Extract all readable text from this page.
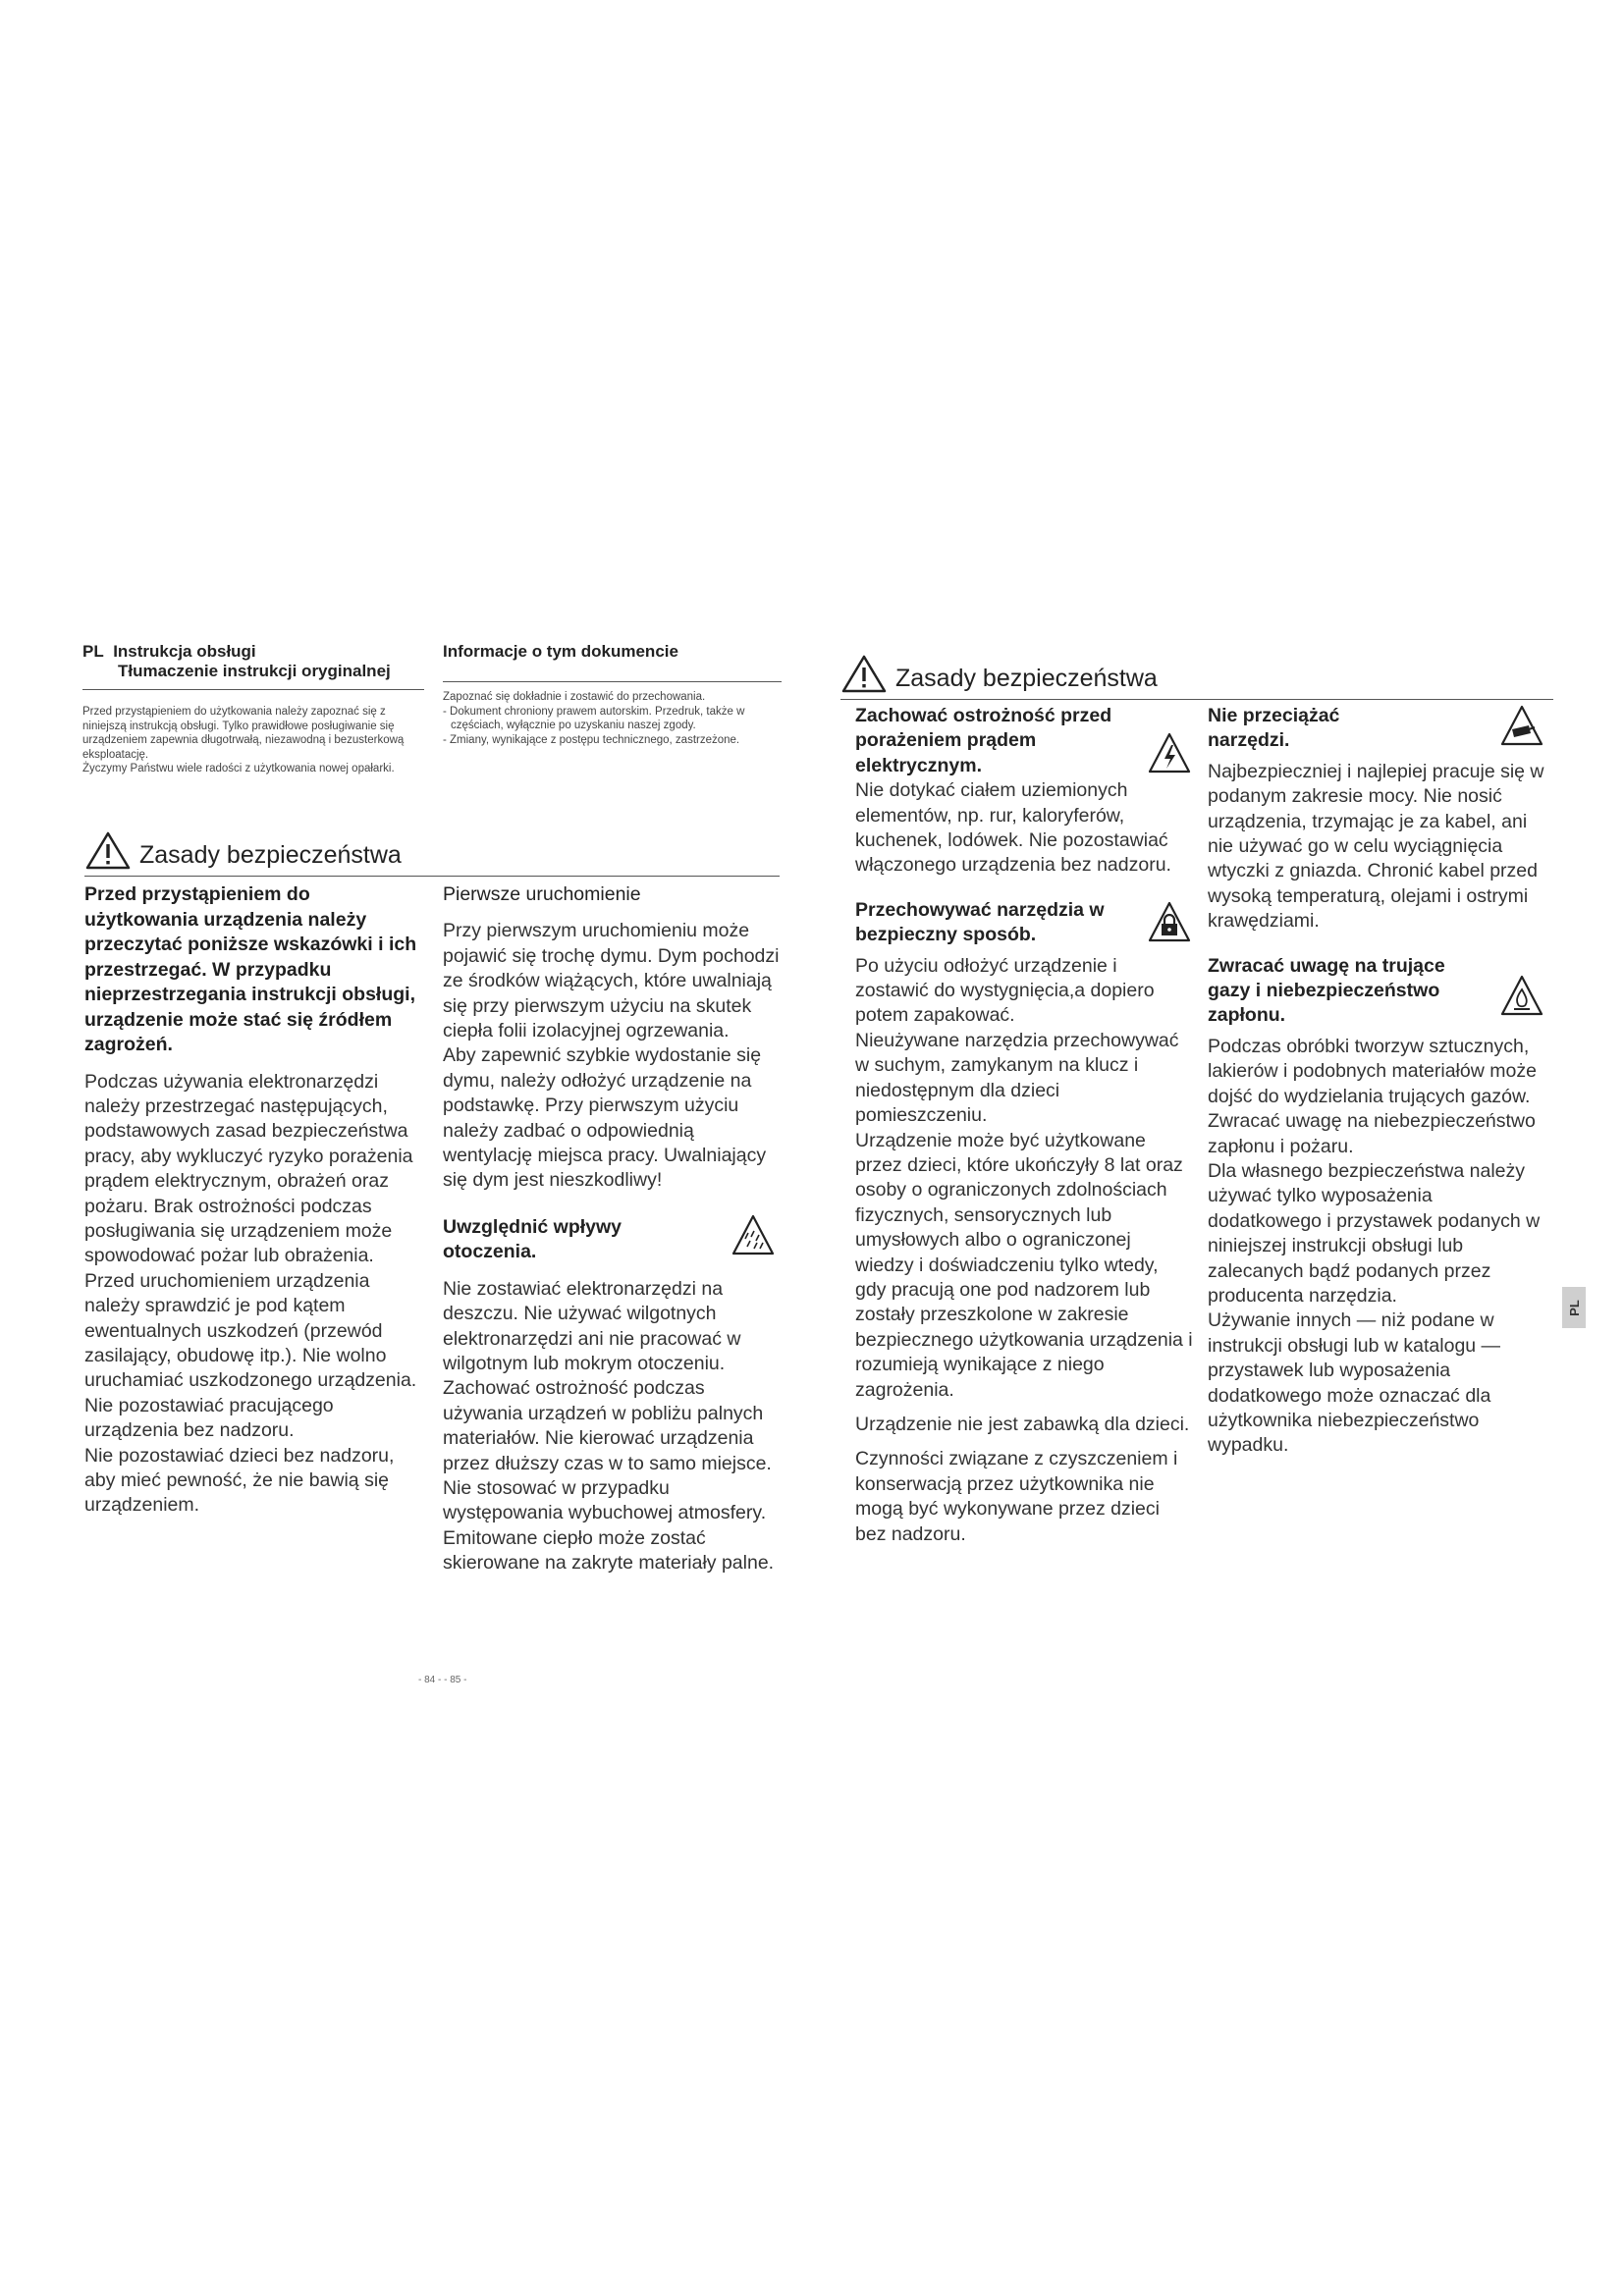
PL Instrukcja obsługi
Tłumaczenie instrukcji oryginalnej

Przed przystąpieniem do użytkowania należy zapoznać się z niniejszą instrukcją obsługi. Tylko prawidłowe posługiwanie się urządzeniem zapewnia długotrwałą, niezawodną i bezusterkową eksploatację.

Życzymy Państwu wiele radości z użytkowania nowej opałarki.

Informacje o tym dokumencie

Zapoznać się dokładnie i zostawić do przechowania.

- Dokument chroniony prawem autorskim. Przedruk, także w częściach, wyłącznie po uzyskaniu naszej zgody.

- Zmiany, wynikające z postępu technicznego, zastrzeżone.

Zasady bezpieczeństwa

Przed przystąpieniem do użytkowania urządzenia należy przeczytać poniższe wskazówki i ich przestrzegać. W przypadku nieprzestrzegania instrukcji obsługi, urządzenie może stać się źródłem zagrożeń.

Podczas używania elektronarzędzi należy przestrzegać następujących, podstawowych zasad bezpieczeństwa pracy, aby wykluczyć ryzyko porażenia prądem elektrycznym, obrażeń oraz pożaru. Brak ostrożności podczas posługiwania się urządzeniem może spowodować pożar lub obrażenia.

Przed uruchomieniem urządzenia należy sprawdzić je pod kątem ewentualnych uszkodzeń (przewód zasilający, obudowę itp.). Nie wolno uruchamiać uszkodzonego urządzenia.

Nie pozostawiać pracującego urządzenia bez nadzoru.

Nie pozostawiać dzieci bez nadzoru, aby mieć pewność, że nie bawią się urządzeniem.

Pierwsze uruchomienie

Przy pierwszym uruchomieniu może pojawić się trochę dymu. Dym pochodzi ze środków wiążących, które uwalniają się przy pierwszym użyciu na skutek ciepła folii izolacyjnej ogrzewania.

Aby zapewnić szybkie wydostanie się dymu, należy odłożyć urządzenie na podstawkę. Przy pierwszym użyciu należy zadbać o odpowiednią wentylację miejsca pracy. Uwalniający się dym jest nieszkodliwy!

Uwzględnić wpływy otoczenia.

Nie zostawiać elektronarzędzi na deszczu. Nie używać wilgotnych elektronarzędzi ani nie pracować w wilgotnym lub mokrym otoczeniu. Zachować ostrożność podczas używania urządzeń w pobliżu palnych materiałów. Nie kierować urządzenia przez dłuższy czas w to samo miejsce. Nie stosować w przypadku występowania wybuchowej atmosfery. Emitowane ciepło może zostać skierowane na zakryte materiały palne.

Zasady bezpieczeństwa
Zachować ostrożność przed porażeniem prądem elektrycznym.

Nie dotykać ciałem uziemionych elementów, np. rur, kaloryferów, kuchenek, lodówek. Nie pozostawiać włączonego urządzenia bez nadzoru.

Przechowywać narzędzia w bezpieczny sposób.

Po użyciu odłożyć urządzenie i zostawić do wystygnięcia,a dopiero potem zapakować.

Nieużywane narzędzia przechowywać w suchym, zamykanym na klucz i niedostępnym dla dzieci pomieszczeniu.

Urządzenie może być użytkowane przez dzieci, które ukończyły 8 lat oraz osoby o ograniczonych zdolnościach fizycznych, sensorycznych lub umysłowych albo o ograniczonej wiedzy i doświadczeniu tylko wtedy, gdy pracują one pod nadzorem lub zostały przeszkolone w zakresie bezpiecznego użytkowania urządzenia i rozumieją wynikające z niego zagrożenia.

Urządzenie nie jest zabawką dla dzieci.

Czynności związane z czyszczeniem i konserwacją przez użytkownika nie mogą być wykonywane przez dzieci bez nadzoru.

Nie przeciążać narzędzi.

Najbezpieczniej i najlepiej pracuje się w podanym zakresie mocy. Nie nosić urządzenia, trzymając je za kabel, ani nie używać go w celu wyciągnięcia wtyczki z gniazda. Chronić kabel przed wysoką temperaturą, olejami i ostrymi krawędziami.

Zwracać uwagę na trujące gazy i niebezpieczeństwo zapłonu.

Podczas obróbki tworzyw sztucznych, lakierów i podobnych materiałów może dojść do wydzielania trujących gazów.

Zwracać uwagę na niebezpieczeństwo zapłonu i pożaru.

Dla własnego bezpieczeństwa należy używać tylko wyposażenia dodatkowego i przystawek podanych w niniejszej instrukcji obsługi lub zalecanych bądź podanych przez producenta narzędzia.

Używanie innych — niż podane w instrukcji obsługi lub w katalogu — przystawek lub wyposażenia dodatkowego może oznaczać dla użytkownika niebezpieczeństwo wypadku.

PL
- 84 - - 85 -
